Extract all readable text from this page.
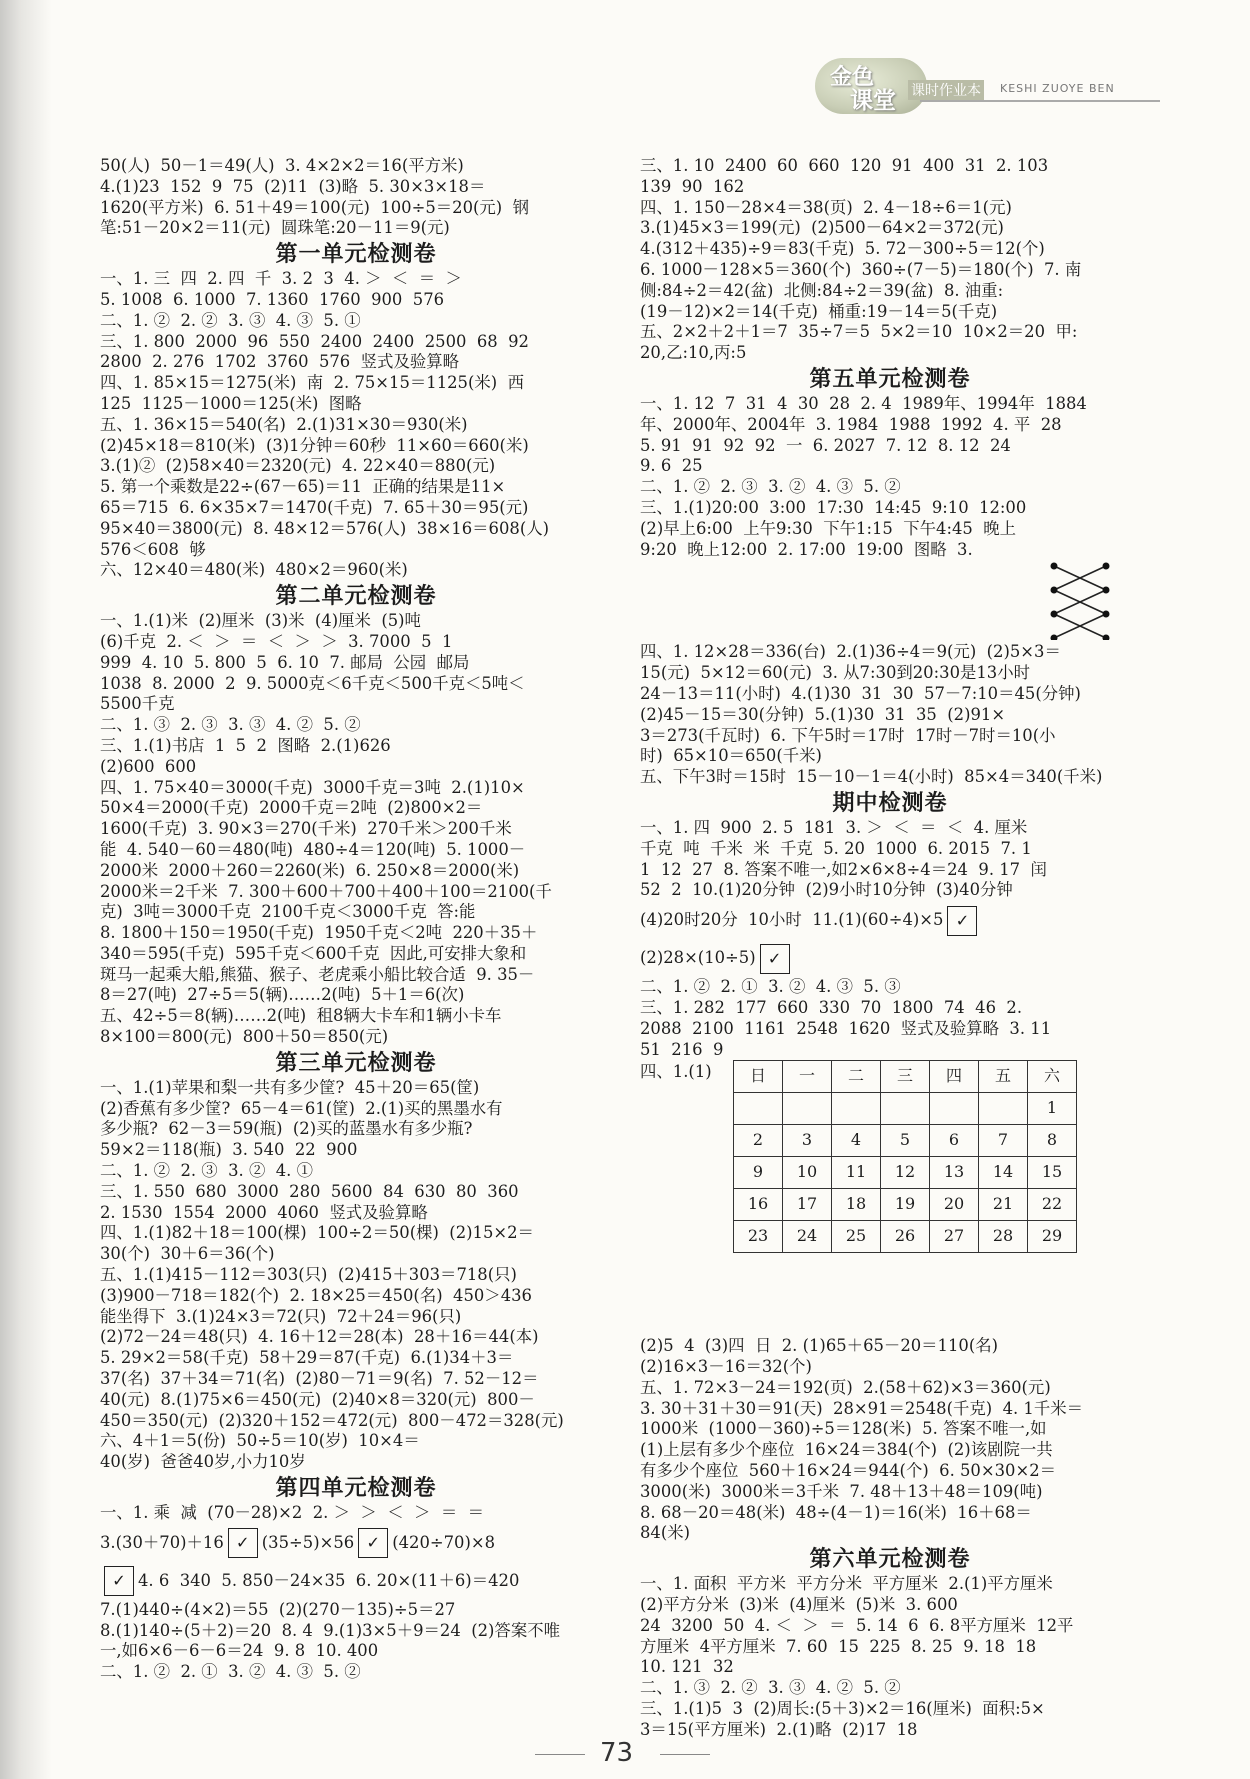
金色
课堂 课时作业本 KESHI ZUOYE BEN
50(人)  50－1＝49(人)  3. 4×2×2＝16(平方米)
4.(1)23  152  9  75  (2)11  (3)略  5. 30×3×18＝
1620(平方米)  6. 51＋49＝100(元)  100÷5＝20(元)  钢
笔:51－20×2＝11(元)  圆珠笔:20－11＝9(元)
第一单元检测卷
一、1. 三  四  2. 四  千  3. 2  3  4. ＞  ＜  ＝  ＞
5. 1008  6. 1000  7. 1360  1760  900  576
二、1. ②  2. ②  3. ③  4. ③  5. ①
三、1. 800  2000  96  550  2400  2400  2500  68  92
2800  2. 276  1702  3760  576  竖式及验算略
四、1. 85×15＝1275(米)  南  2. 75×15＝1125(米)  西
125  1125－1000＝125(米)  图略
五、1. 36×15＝540(名)  2.(1)31×30＝930(米)
(2)45×18＝810(米)  (3)1分钟＝60秒  11×60＝660(米)
3.(1)②  (2)58×40＝2320(元)  4. 22×40＝880(元)
5. 第一个乘数是22÷(67－65)＝11  正确的结果是11×
65＝715  6. 6×35×7＝1470(千克)  7. 65＋30＝95(元)
95×40＝3800(元)  8. 48×12＝576(人)  38×16＝608(人)
576＜608  够
六、12×40＝480(米)  480×2＝960(米)
第二单元检测卷
一、1.(1)米  (2)厘米  (3)米  (4)厘米  (5)吨
(6)千克  2. ＜  ＞  ＝  ＜  ＞  ＞  3. 7000  5  1
999  4. 10  5. 800  5  6. 10  7. 邮局  公园  邮局
1038  8. 2000  2  9. 5000克＜6千克＜500千克＜5吨＜
5500千克
二、1. ③  2. ③  3. ③  4. ②  5. ②
三、1.(1)书店  1  5  2  图略  2.(1)626
(2)600  600
四、1. 75×40＝3000(千克)  3000千克＝3吨  2.(1)10×
50×4＝2000(千克)  2000千克＝2吨  (2)800×2＝
1600(千克)  3. 90×3＝270(千米)  270千米＞200千米
能  4. 540－60＝480(吨)  480÷4＝120(吨)  5. 1000－
2000米  2000＋260＝2260(米)  6. 250×8＝2000(米)
2000米＝2千米  7. 300＋600＋700＋400＋100＝2100(千
克)  3吨＝3000千克  2100千克＜3000千克  答:能
8. 1800＋150＝1950(千克)  1950千克＜2吨  220＋35＋
340＝595(千克)  595千克＜600千克  因此,可安排大象和
斑马一起乘大船,熊猫、猴子、老虎乘小船比较合适  9. 35－
8＝27(吨)  27÷5＝5(辆)……2(吨)  5＋1＝6(次)
五、42÷5＝8(辆)……2(吨)  租8辆大卡车和1辆小卡车
8×100＝800(元)  800＋50＝850(元)
第三单元检测卷
一、1.(1)苹果和梨一共有多少筐?  45＋20＝65(筐)
(2)香蕉有多少筐?  65－4＝61(筐)  2.(1)买的黑墨水有
多少瓶?  62－3＝59(瓶)  (2)买的蓝墨水有多少瓶?
59×2＝118(瓶)  3. 540  22  900
二、1. ②  2. ③  3. ②  4. ①
三、1. 550  680  3000  280  5600  84  630  80  360
2. 1530  1554  2000  4060  竖式及验算略
四、1.(1)82＋18＝100(棵)  100÷2＝50(棵)  (2)15×2＝
30(个)  30＋6＝36(个)
五、1.(1)415－112＝303(只)  (2)415＋303＝718(只)
(3)900－718＝182(个)  2. 18×25＝450(名)  450＞436
能坐得下  3.(1)24×3＝72(只)  72＋24＝96(只)
(2)72－24＝48(只)  4. 16＋12＝28(本)  28＋16＝44(本)
5. 29×2＝58(千克)  58＋29＝87(千克)  6.(1)34＋3＝
37(名)  37＋34＝71(名)  (2)80－71＝9(名)  7. 52－12＝
40(元)  8.(1)75×6＝450(元)  (2)40×8＝320(元)  800－
450＝350(元)  (2)320＋152＝472(元)  800－472＝328(元)
六、4＋1＝5(份)  50÷5＝10(岁)  10×4＝
40(岁)  爸爸40岁,小力10岁
第四单元检测卷
一、1. 乘  减  (70－28)×2  2. ＞  ＞  ＜  ＞  ＝  ＝
3.(30＋70)＋16 ✓ (35÷5)×56 ✓ (420÷70)×8
✓ 4. 6  340  5. 850－24×35  6. 20×(11＋6)＝420
7.(1)440÷(4×2)＝55  (2)(270－135)÷5＝27
8.(1)140÷(5＋2)＝20  8. 4  9.(1)3×5＋9＝24  (2)答案不唯
一,如6×6－6－6＝24  9. 8  10. 400
二、1. ②  2. ①  3. ②  4. ③  5. ②
三、1. 10  2400  60  660  120  91  400  31  2. 103
139  90  162
四、1. 150－28×4＝38(页)  2. 4－18÷6＝1(元)
3.(1)45×3＝199(元)  (2)500－64×2＝372(元)
4.(312＋435)÷9＝83(千克)  5. 72－300÷5＝12(个)
6. 1000－128×5＝360(个)  360÷(7－5)＝180(个)  7. 南
侧:84÷2＝42(盆)  北侧:84÷2＝39(盆)  8. 油重:
(19－12)×2＝14(千克)  桶重:19－14＝5(千克)
五、2×2＋2＋1＝7  35÷7＝5  5×2＝10  10×2＝20  甲:
20,乙:10,丙:5
第五单元检测卷
一、1. 12  7  31  4  30  28  2. 4  1989年、1994年  1884
年、2000年、2004年  3. 1984  1988  1992  4. 平  28
5. 91  91  92  92  一  6. 2027  7. 12  8. 12  24
9. 6  25
二、1. ②  2. ③  3. ②  4. ③  5. ②
三、1.(1)20:00  3:00  17:30  14:45  9:10  12:00
(2)早上6:00  上午9:30  下午1:15  下午4:45  晚上
9:20  晚上12:00  2. 17:00  19:00  图略  3.
四、1. 12×28＝336(台)  2.(1)36÷4＝9(元)  (2)5×3＝
15(元)  5×12＝60(元)  3. 从7:30到20:30是13小时
24－13＝11(小时)  4.(1)30  31  30  57－7:10＝45(分钟)
(2)45－15＝30(分钟)  5.(1)30  31  35  (2)91×
3＝273(千瓦时)  6. 下午5时＝17时  17时－7时＝10(小
时)  65×10＝650(千米)
五、下午3时＝15时  15－10－1＝4(小时)  85×4＝340(千米)
期中检测卷
一、1. 四  900  2. 5  181  3. ＞  ＜  ＝  ＜  4. 厘米
千克  吨  千米  米  千克  5. 20  1000  6. 2015  7. 1
1  12  27  8. 答案不唯一,如2×6×8÷4＝24  9. 17  闰
52  2  10.(1)20分钟  (2)9小时10分钟  (3)40分钟
(4)20时20分  10小时  11.(1)(60÷4)×5 ✓
(2)28×(10÷5) ✓
二、1. ②  2. ①  3. ②  4. ③  5. ③
三、1. 282  177  660  330  70  1800  74  46  2.
2088  2100  1161  2548  1620  竖式及验算略  3. 11
51  216  9
四、1.(1) 日	一	二	三	四	五	六
						1
2	3	4	5	6	7	8
9	10	11	12	13	14	15
16	17	18	19	20	21	22
23	24	25	26	27	28	29
(2)5  4  (3)四  日  2. (1)65＋65－20＝110(名)
(2)16×3－16＝32(个)
五、1. 72×3－24＝192(页)  2.(58＋62)×3＝360(元)
3. 30＋31＋30＝91(天)  28×91＝2548(千克)  4. 1千米＝
1000米  (1000－360)÷5＝128(米)  5. 答案不唯一,如
(1)上层有多少个座位  16×24＝384(个)  (2)该剧院一共
有多少个座位  560＋16×24＝944(个)  6. 50×30×2＝
3000(米)  3000米＝3千米  7. 48＋13＋48＝109(吨)
8. 68－20＝48(米)  48÷(4－1)＝16(米)  16＋68＝
84(米)
第六单元检测卷
一、1. 面积  平方米  平方分米  平方厘米  2.(1)平方厘米
(2)平方分米  (3)米  (4)厘米  (5)米  3. 600
24  3200  50  4. ＜  ＞  ＝  5. 14  6  6. 8平方厘米  12平
方厘米  4平方厘米  7. 60  15  225  8. 25  9. 18  18
10. 121  32
二、1. ③  2. ②  3. ③  4. ②  5. ②
三、1.(1)5  3  (2)周长:(5＋3)×2＝16(厘米)  面积:5×
3＝15(平方厘米)  2.(1)略  (2)17  18
73
